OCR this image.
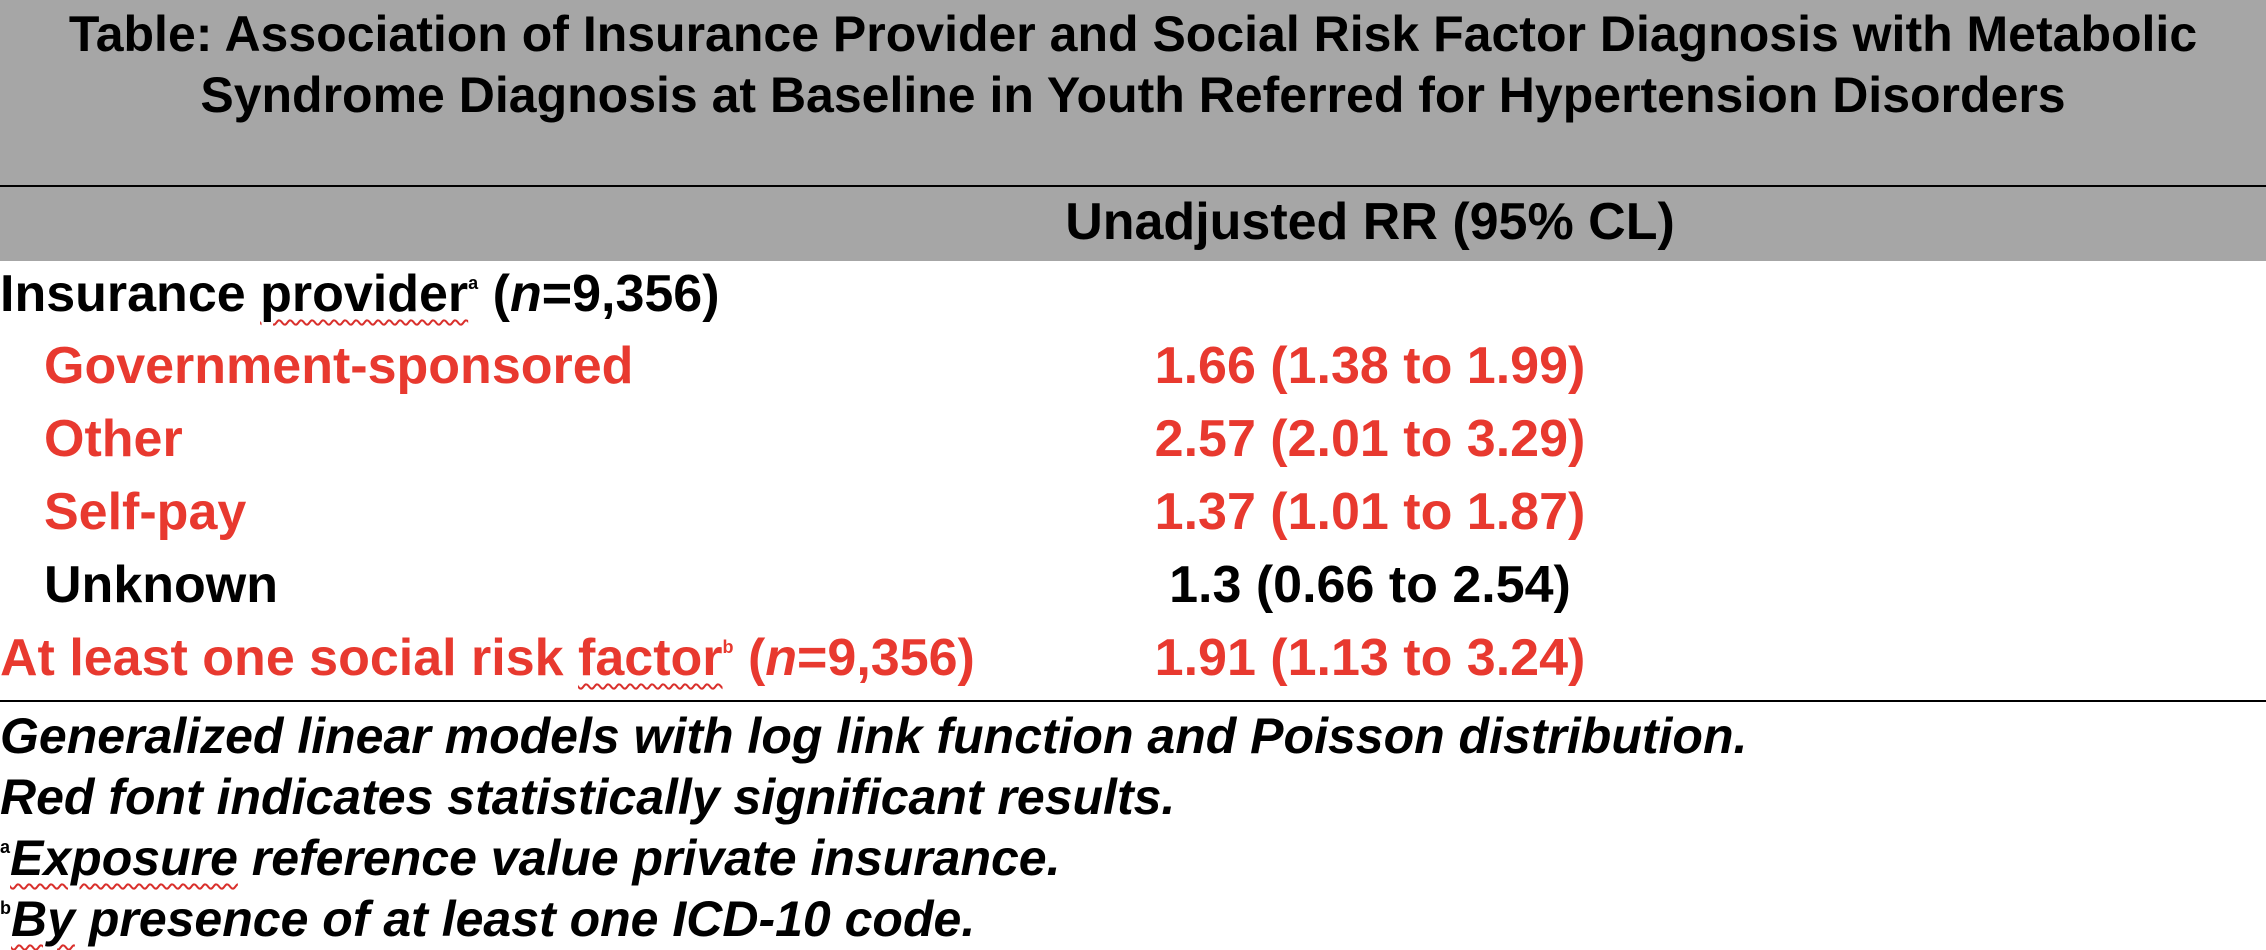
Table: Association of Insurance Provider and Social Risk Factor Diagnosis with Metabolic Syndrome Diagnosis at Baseline in Youth Referred for Hypertension Disorders
Unadjusted RR (95% CL)
Insurance provider$^a$ (n=9,356)
Government-sponsored	1.66 (1.38 to 1.99)
Other	2.57 (2.01 to 3.29)
Self-pay	1.37 (1.01 to 1.87)
Unknown	1.3 (0.66 to 2.54)
At least one social risk factor$^b$ (n=9,356)	1.91 (1.13 to 3.24)
Generalized linear models with log link function and Poisson distribution.
Red font indicates statistically significant results.
$^a$Exposure reference value private insurance.
$^b$By presence of at least one ICD-10 code.
